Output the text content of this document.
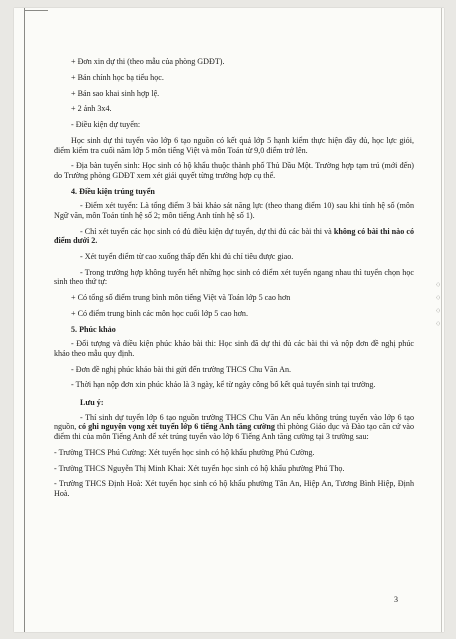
◌
◌
◌
◌

+ Đơn xin dự thi (theo mẫu của phòng GDĐT).

+ Bản chính học bạ tiểu học.

+ Bản sao khai sinh hợp lệ.

+ 2 ảnh 3x4.

- Điều kiện dự tuyển:

Học sinh dự thi tuyển vào lớp 6 tạo nguồn có kết quả lớp 5 hạnh kiểm thực hiện đầy đủ, học lực giỏi, điểm kiểm tra cuối năm lớp 5 môn tiếng Việt và môn Toán từ 9,0 điểm trở lên.

- Địa bàn tuyển sinh: Học sinh có hộ khẩu thuộc thành phố Thủ Dầu Một. Trường hợp tạm trú (mới đến) do Trường phòng GDĐT xem xét giải quyết từng trường hợp cụ thể.

4. Điều kiện trúng tuyển

- Điểm xét tuyển: Là tổng điểm 3 bài khảo sát năng lực (theo thang điểm 10) sau khi tính hệ số (môn Ngữ văn, môn Toán tính hệ số 2; môn tiếng Anh tính hệ số 1).

- Chỉ xét tuyển các học sinh có đủ điều kiện dự tuyển, dự thi đủ các bài thi và không có bài thi nào có điểm dưới 2.

- Xét tuyển điểm từ cao xuống thấp đến khi đủ chỉ tiêu được giao.

- Trong trường hợp không tuyển hết những học sinh có điểm xét tuyển ngang nhau thì tuyển chọn học sinh theo thứ tự:

+ Có tổng số điểm trung bình môn tiếng Việt và Toán lớp 5 cao hơn

+ Có điểm trung bình các môn học cuối lớp 5 cao hơn.

5. Phúc khảo

- Đối tượng và điều kiện phúc khảo bài thi: Học sinh đã dự thi đủ các bài thi và nộp đơn đề nghị phúc khảo theo mẫu quy định.

- Đơn đề nghị phúc khảo bài thi gửi đến trường THCS Chu Văn An.

- Thời hạn nộp đơn xin phúc khảo là 3 ngày, kể từ ngày công bố kết quả tuyển sinh tại trường.

Lưu ý:

- Thí sinh dự tuyển lớp 6 tạo nguồn trường THCS Chu Văn An nếu không trúng tuyển vào lớp 6 tạo nguồn, có ghi nguyện vọng xét tuyển lớp 6 tiếng Anh tăng cường thì phòng Giáo dục và Đào tạo căn cứ vào điểm thi của môn Tiếng Anh để xét trúng tuyển vào lớp 6 Tiếng Anh tăng cường tại 3 trường sau:

- Trường THCS Phú Cường: Xét tuyển học sinh có hộ khẩu phường Phú Cường.

- Trường THCS Nguyễn Thị Minh Khai: Xét tuyển học sinh có hộ khẩu phường Phú Thọ.

- Trường THCS Định Hoà: Xét tuyển học sinh có hộ khẩu phường Tân An, Hiệp An, Tương Bình Hiệp, Định Hoà.

3
